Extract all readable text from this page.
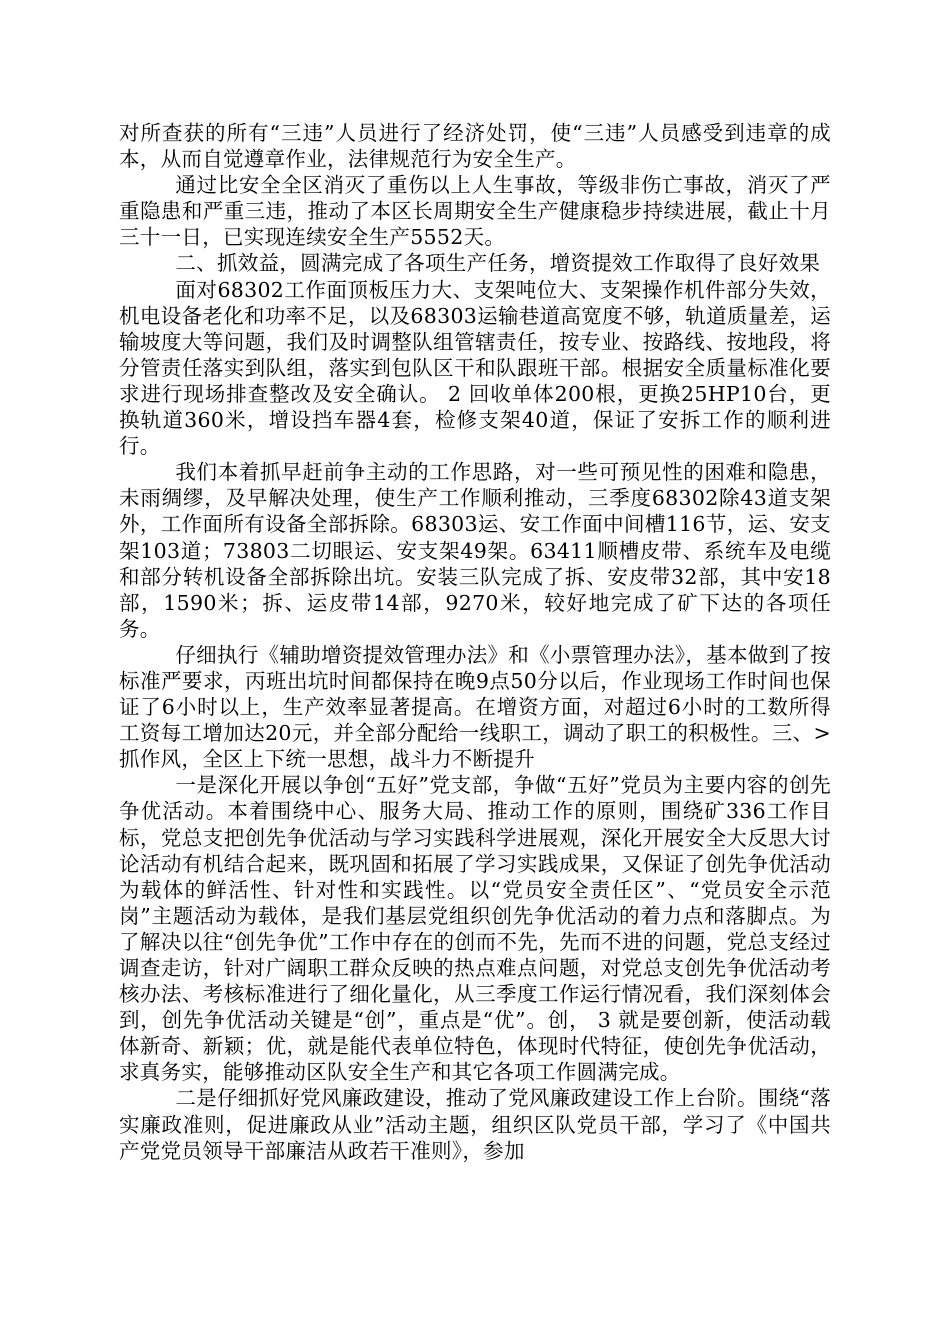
对所查获的所有“三违”人员进行了经济处罚，使“三违”人员感受到违章的成本，从而自觉遵章作业，法律规范行为安全生产。

通过比安全全区消灭了重伤以上人生事故，等级非伤亡事故，消灭了严重隐患和严重三违，推动了本区长周期安全生产健康稳步持续进展，截止十月三十一日，已实现连续安全生产5552天。

二、抓效益，圆满完成了各项生产任务，增资提效工作取得了良好效果

面对68302工作面顶板压力大、支架吨位大、支架操作机件部分失效，机电设备老化和功率不足，以及68303运输巷道高宽度不够，轨道质量差，运输坡度大等问题，我们及时调整队组管辖责任，按专业、按路线、按地段，将分管责任落实到队组，落实到包队区干和队跟班干部。根据安全质量标准化要求进行现场排查整改及安全确认。 2 回收单体200根，更换25HP10台，更换轨道360米，增设挡车器4套，检修支架40道，保证了安拆工作的顺利进行。

我们本着抓早赶前争主动的工作思路，对一些可预见性的困难和隐患，未雨绸缪，及早解决处理，使生产工作顺利推动，三季度68302除43道支架外，工作面所有设备全部拆除。68303运、安工作面中间槽116节，运、安支架103道；73803二切眼运、安支架49架。63411顺槽皮带、系统车及电缆和部分转机设备全部拆除出坑。安装三队完成了拆、安皮带32部，其中安18部，1590米；拆、运皮带14部，9270米，较好地完成了矿下达的各项任务。

仔细执行《辅助增资提效管理办法》和《小票管理办法》，基本做到了按标准严要求，丙班出坑时间都保持在晚9点50分以后，作业现场工作时间也保证了6小时以上，生产效率显著提高。在增资方面，对超过6小时的工数所得工资每工增加达20元，并全部分配给一线职工，调动了职工的积极性。三、>抓作风，全区上下统一思想，战斗力不断提升

一是深化开展以争创“五好”党支部，争做“五好”党员为主要内容的创先争优活动。本着围绕中心、服务大局、推动工作的原则，围绕矿336工作目标，党总支把创先争优活动与学习实践科学进展观，深化开展安全大反思大讨论活动有机结合起来，既巩固和拓展了学习实践成果，又保证了创先争优活动为载体的鲜活性、针对性和实践性。以“党员安全责任区”、“党员安全示范岗”主题活动为载体，是我们基层党组织创先争优活动的着力点和落脚点。为了解决以往“创先争优”工作中存在的创而不先，先而不进的问题，党总支经过调查走访，针对广阔职工群众反映的热点难点问题，对党总支创先争优活动考核办法、考核标准进行了细化量化，从三季度工作运行情况看，我们深刻体会到，创先争优活动关键是“创”，重点是“优”。创， 3 就是要创新，使活动载体新奇、新颖；优，就是能代表单位特色，体现时代特征，使创先争优活动，求真务实，能够推动区队安全生产和其它各项工作圆满完成。

二是仔细抓好党风廉政建设，推动了党风廉政建设工作上台阶。围绕“落实廉政准则，促进廉政从业”活动主题，组织区队党员干部，学习了《中国共产党党员领导干部廉洁从政若干准则》，参加
